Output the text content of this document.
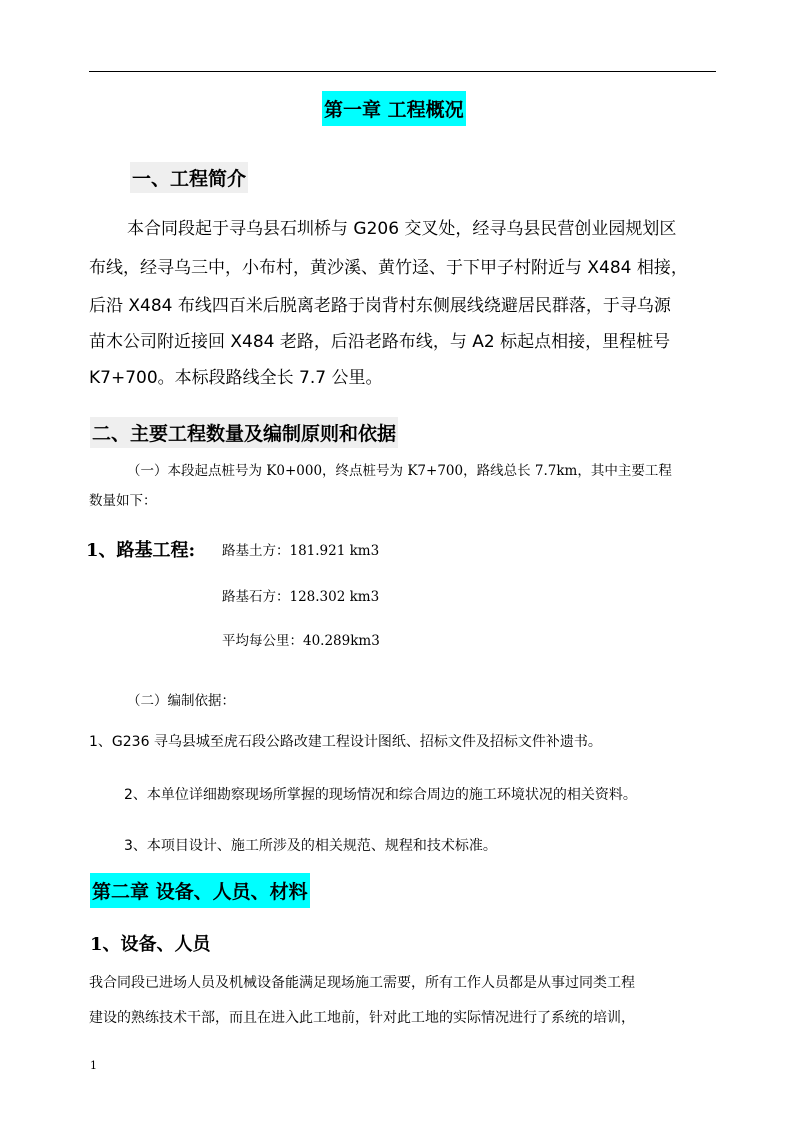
第一章 工程概况
一、工程简介
本合同段起于寻乌县石圳桥与 G206 交叉处，经寻乌县民营创业园规划区
布线，经寻乌三中，小布村，黄沙溪、黄竹迳、于下甲子村附近与 X484 相接，
后沿 X484 布线四百米后脱离老路于岗背村东侧展线绕避居民群落，于寻乌源
苗木公司附近接回 X484 老路，后沿老路布线，与 A2 标起点相接，里程桩号
K7+700。本标段路线全长 7.7 公里。
二、主要工程数量及编制原则和依据
（一）本段起点桩号为 K0+000，终点桩号为 K7+700，路线总长 7.7km，其中主要工程
数量如下：
1、路基工程: 路基土方：181.921 km3
路基石方：128.302 km3
平均每公里：40.289km3
（二）编制依据：
1、G236 寻乌县城至虎石段公路改建工程设计图纸、招标文件及招标文件补遗书。
2、本单位详细勘察现场所掌握的现场情况和综合周边的施工环境状况的相关资料。
3、本项目设计、施工所涉及的相关规范、规程和技术标准。
第二章 设备、人员、材料
1、设备、人员
我合同段已进场人员及机械设备能满足现场施工需要，所有工作人员都是从事过同类工程
建设的熟练技术干部，而且在进入此工地前，针对此工地的实际情况进行了系统的培训，
1
